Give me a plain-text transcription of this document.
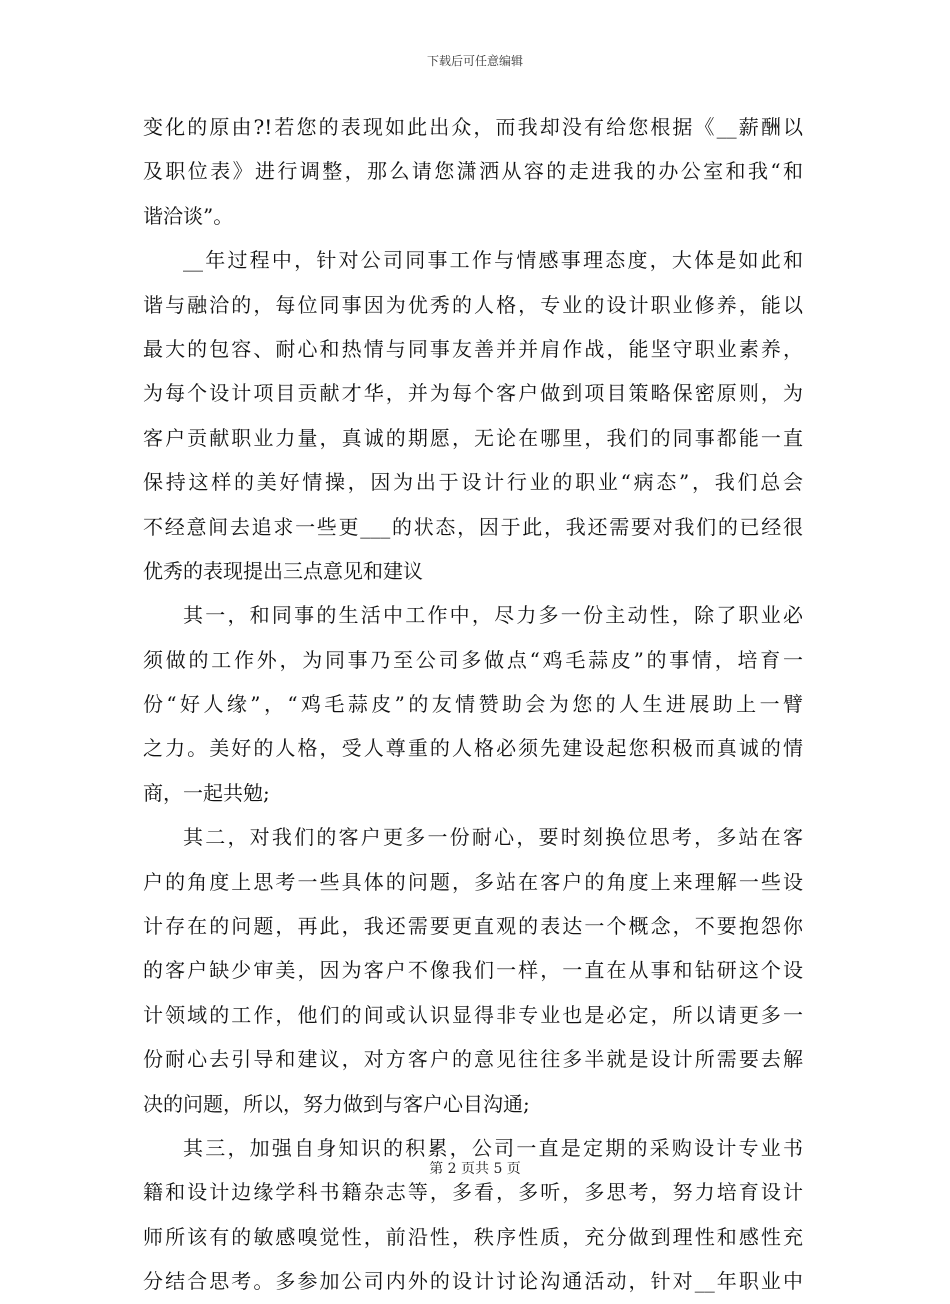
下载后可任意编辑
变化的原由?!若您的表现如此出众，而我却没有给您根据《__薪酬以
及职位表》进行调整，那么请您潇洒从容的走进我的办公室和我“和
谐洽谈”。
__年过程中，针对公司同事工作与情感事理态度，大体是如此和
谐与融洽的，每位同事因为优秀的人格，专业的设计职业修养，能以
最大的包容、耐心和热情与同事友善并并肩作战，能坚守职业素养，
为每个设计项目贡献才华，并为每个客户做到项目策略保密原则，为
客户贡献职业力量，真诚的期愿，无论在哪里，我们的同事都能一直
保持这样的美好情操，因为出于设计行业的职业“病态”，我们总会
不经意间去追求一些更___的状态，因于此，我还需要对我们的已经很
优秀的表现提出三点意见和建议
其一，和同事的生活中工作中，尽力多一份主动性，除了职业必
须做的工作外，为同事乃至公司多做点“鸡毛蒜皮”的事情，培育一
份“好人缘”，“鸡毛蒜皮”的友情赞助会为您的人生进展助上一臂
之力。美好的人格，受人尊重的人格必须先建设起您积极而真诚的情
商，一起共勉;
其二，对我们的客户更多一份耐心，要时刻换位思考，多站在客
户的角度上思考一些具体的问题，多站在客户的角度上来理解一些设
计存在的问题，再此，我还需要更直观的表达一个概念，不要抱怨你
的客户缺少审美，因为客户不像我们一样，一直在从事和钻研这个设
计领域的工作，他们的间或认识显得非专业也是必定，所以请更多一
份耐心去引导和建议，对方客户的意见往往多半就是设计所需要去解
决的问题，所以，努力做到与客户心目沟通;
其三，加强自身知识的积累，公司一直是定期的采购设计专业书
籍和设计边缘学科书籍杂志等，多看，多听，多思考，努力培育设计
师所该有的敏感嗅觉性，前沿性，秩序性质，充分做到理性和感性充
分结合思考。多参加公司内外的设计讨论沟通活动，针对__年职业中
第 2 页共 5 页
